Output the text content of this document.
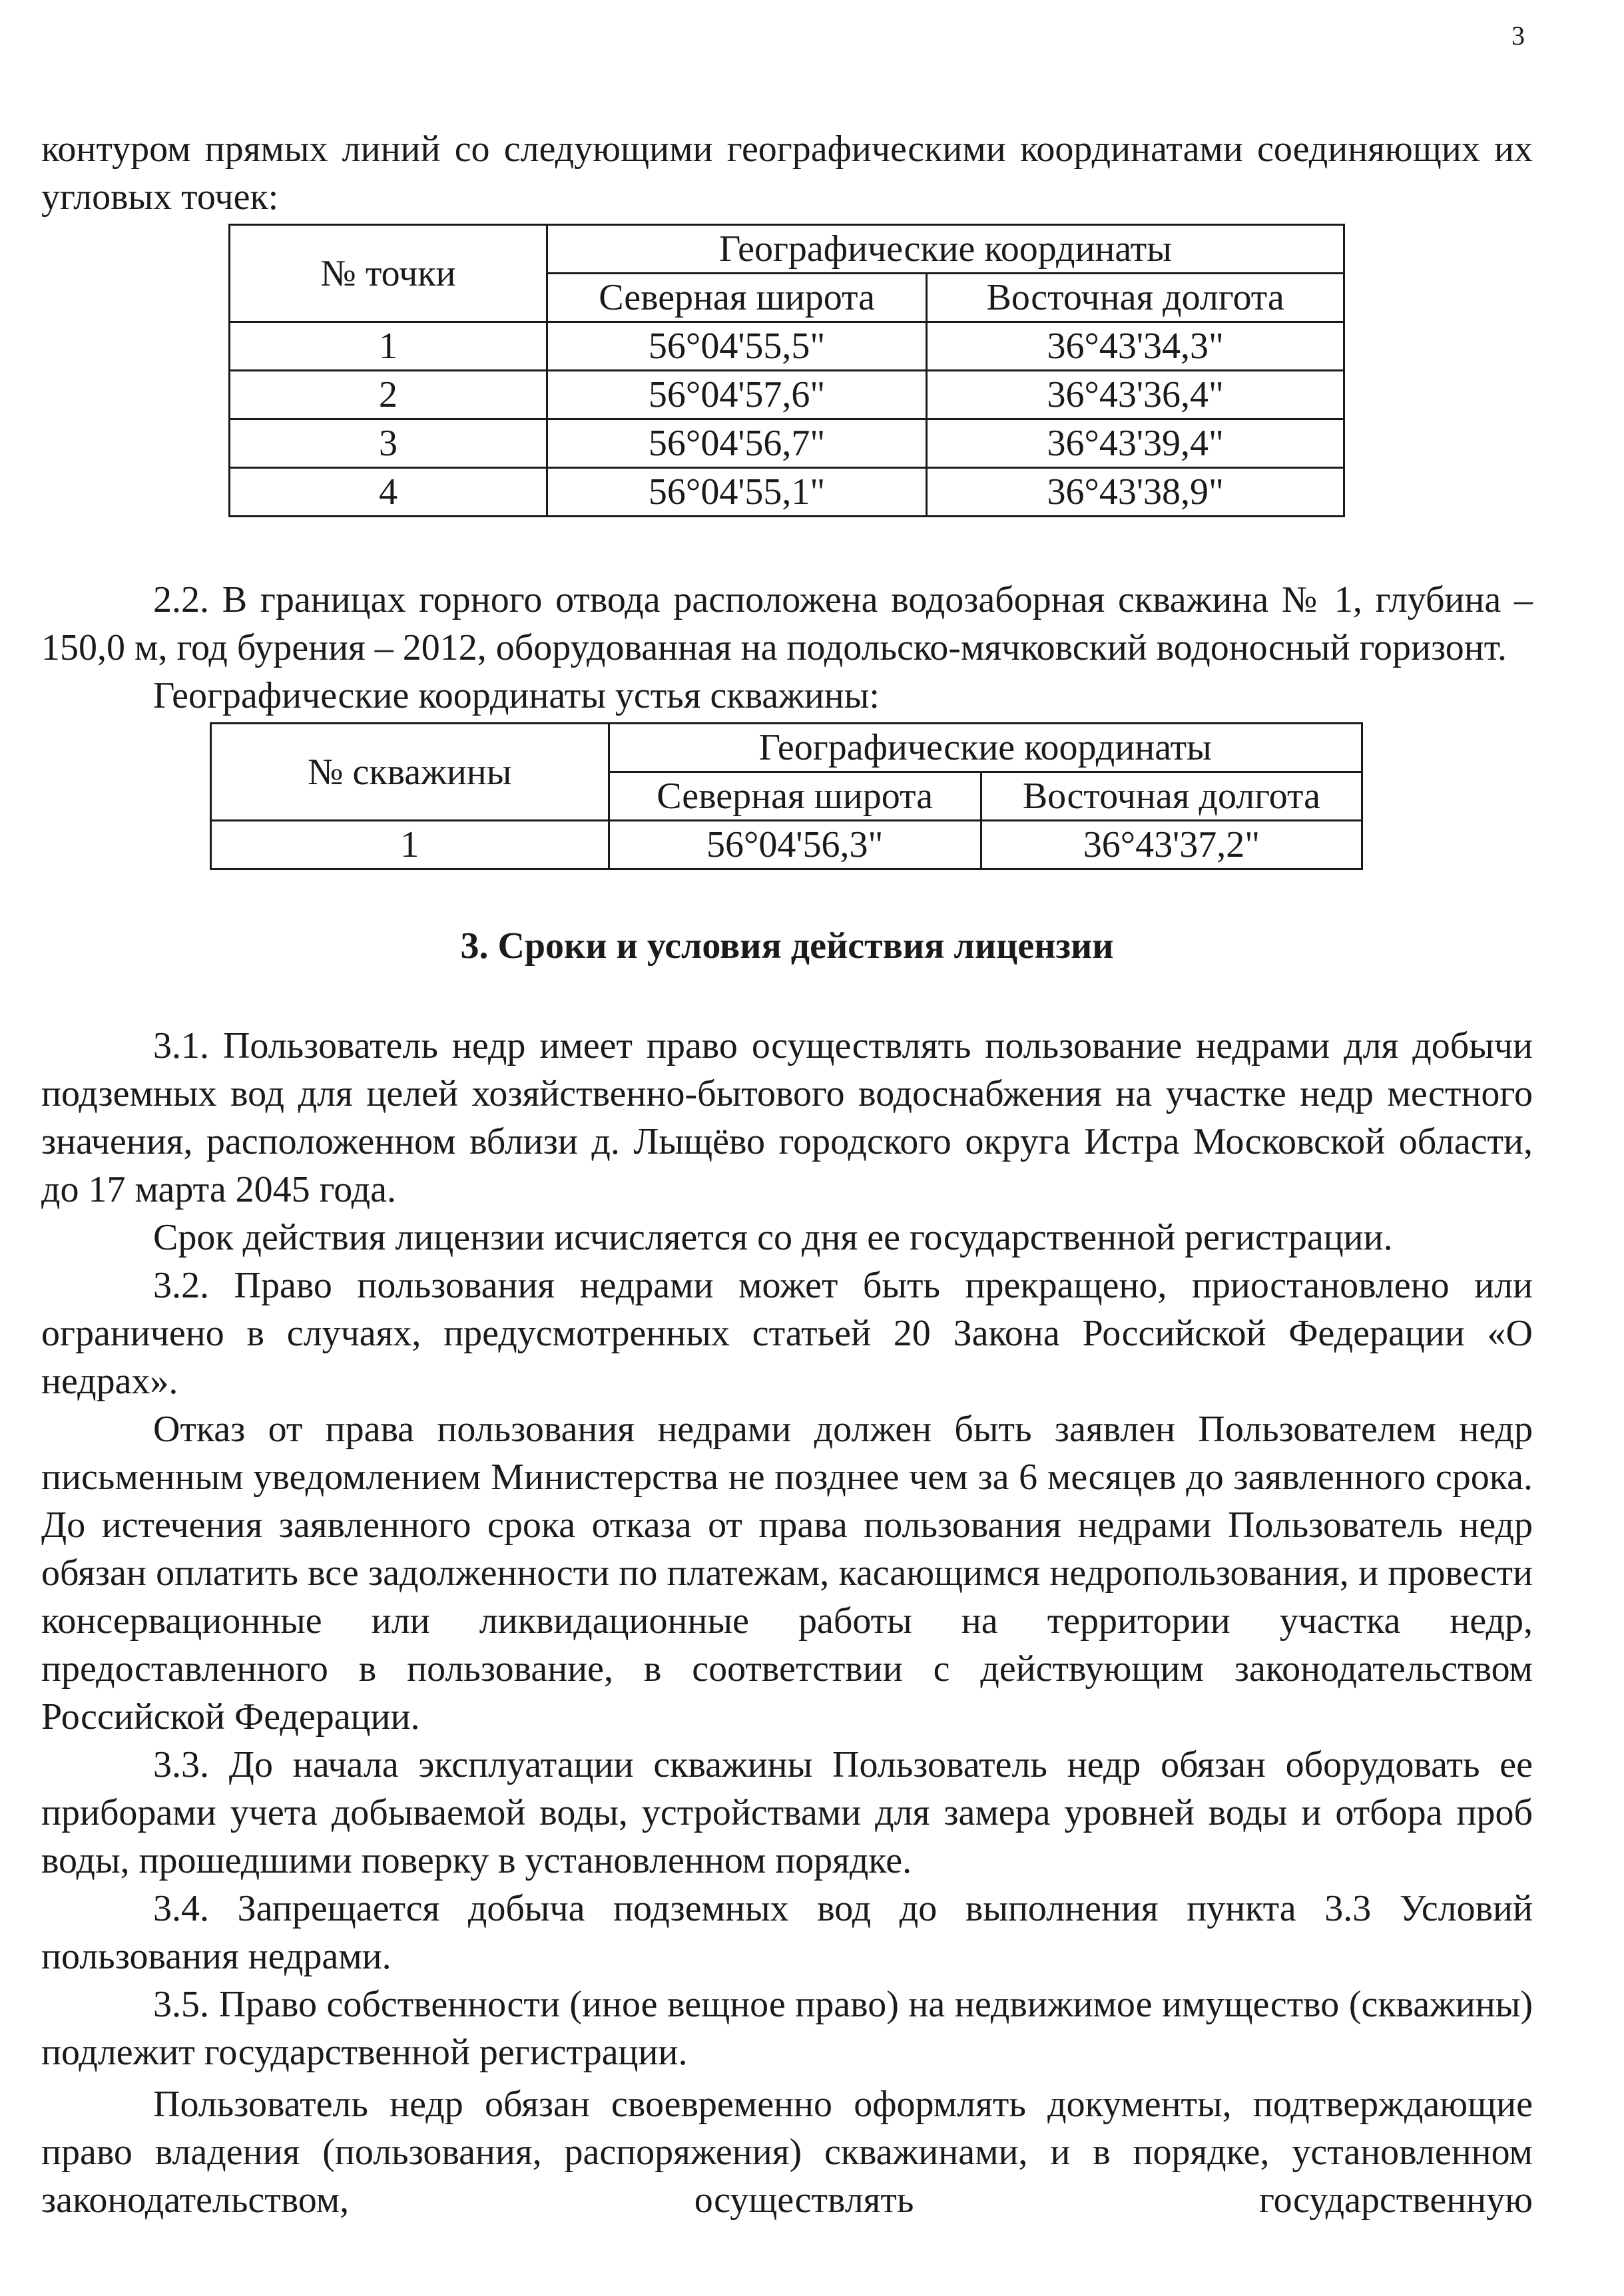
3

контуром прямых линий со следующими географическими координатами соединяющих их угловых точек:

№ точки	Географические координаты	
	Северная широта	Восточная долгота
1	56°04'55,5"	36°43'34,3"
2	56°04'57,6"	36°43'36,4"
3	56°04'56,7"	36°43'39,4"
4	56°04'55,1"	36°43'38,9"

2.2. В границах горного отвода расположена водозаборная скважина № 1, глубина – 150,0 м, год бурения – 2012, оборудованная на подольско-мячковский водоносный горизонт.

Географические координаты устья скважины:

№ скважины	Географические координаты	
	Северная широта	Восточная долгота
1	56°04'56,3"	36°43'37,2"
3. Сроки и условия действия лицензии

3.1. Пользователь недр имеет право осуществлять пользование недрами для добычи подземных вод для целей хозяйственно-бытового водоснабжения на участке недр местного значения, расположенном вблизи д. Лыщёво городского округа Истра Московской области, до 17 марта 2045 года.

Срок действия лицензии исчисляется со дня ее государственной регистрации.

3.2. Право пользования недрами может быть прекращено, приостановлено или ограничено в случаях, предусмотренных статьей 20 Закона Российской Федерации «О недрах».

Отказ от права пользования недрами должен быть заявлен Пользователем недр письменным уведомлением Министерства не позднее чем за 6 месяцев до заявленного срока. До истечения заявленного срока отказа от права пользования недрами Пользователь недр обязан оплатить все задолженности по платежам, касающимся недропользования, и провести консервационные или ликвидационные работы на территории участка недр, предоставленного в пользование, в соответствии с действующим законодательством Российской Федерации.

3.3. До начала эксплуатации скважины Пользователь недр обязан оборудовать ее приборами учета добываемой воды, устройствами для замера уровней воды и отбора проб воды, прошедшими поверку в установленном порядке.

3.4. Запрещается добыча подземных вод до выполнения пункта 3.3 Условий пользования недрами.

3.5. Право собственности (иное вещное право) на недвижимое имущество (скважины) подлежит государственной регистрации.

Пользователь недр обязан своевременно оформлять документы, подтверждающие право владения (пользования, распоряжения) скважинами, и в порядке, установленном законодательством, осуществлять государственную
